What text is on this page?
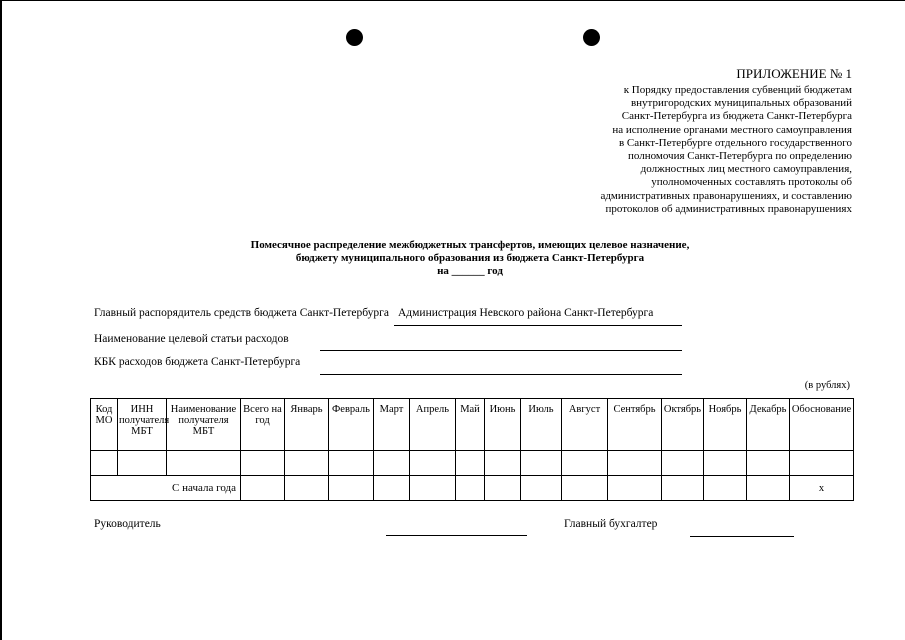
ПРИЛОЖЕНИЕ № 1
к Порядку предоставления субвенций бюджетам
внутригородских муниципальных образований
Санкт-Петербурга из бюджета Санкт-Петербурга
на исполнение органами местного самоуправления
в Санкт-Петербурге отдельного государственного
полномочия Санкт-Петербурга по определению
должностных лиц местного самоуправления,
уполномоченных составлять протоколы об
административных правонарушениях, и составлению
протоколов об административных правонарушениях
Помесячное распределение межбюджетных трансфертов, имеющих целевое назначение,
бюджету муниципального образования из бюджета Санкт-Петербурга
на ______ год
Главный распорядитель средств бюджета Санкт-Петербурга Администрация Невского района Санкт-Петербурга
Наименование целевой статьи расходов
КБК расходов бюджета Санкт-Петербурга
(в рублях)
Код МО	ИНН получателя МБТ	Наименование получателя МБТ	Всего на год	Январь	Февраль	Март	Апрель	Май	Июнь	Июль	Август	Сентябрь	Октябрь	Ноябрь	Декабрь	Обоснование

С начала года																х
Руководитель	Главный бухгалтер
